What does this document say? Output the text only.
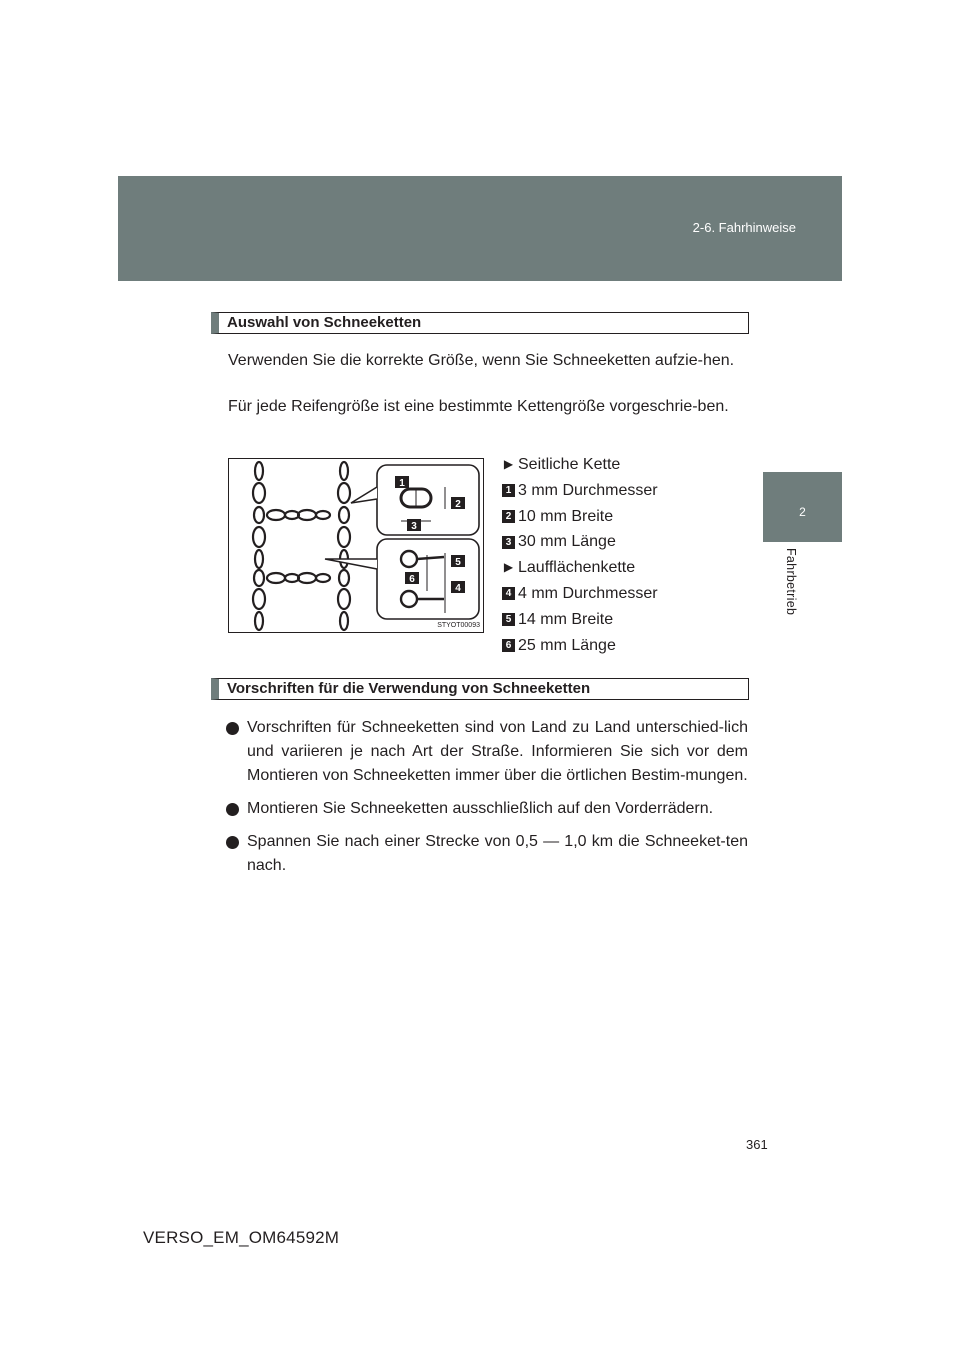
2-6. Fahrhinweise
2
Fahrbetrieb
Auswahl von Schneeketten

Verwenden Sie die korrekte Größe, wenn Sie Schneeketten aufzie-hen.

Für jede Reifengröße ist eine bestimmte Kettengröße vorgeschrie-ben.

1
2
3
4
5
6
STYOT00093
▶ Seitliche Kette
1 3 mm Durchmesser
2 10 mm Breite
3 30 mm Länge
▶ Laufflächenkette
4 4 mm Durchmesser
5 14 mm Breite
6 25 mm Länge
Vorschriften für die Verwendung von Schneeketten
Vorschriften für Schneeketten sind von Land zu Land unterschied-lich und variieren je nach Art der Straße. Informieren Sie sich vor dem Montieren von Schneeketten immer über die örtlichen Bestim-mungen.
Montieren Sie Schneeketten ausschließlich auf den Vorderrädern.
Spannen Sie nach einer Strecke von 0,5 — 1,0 km die Schneeket-ten nach.
361
VERSO_EM_OM64592M
